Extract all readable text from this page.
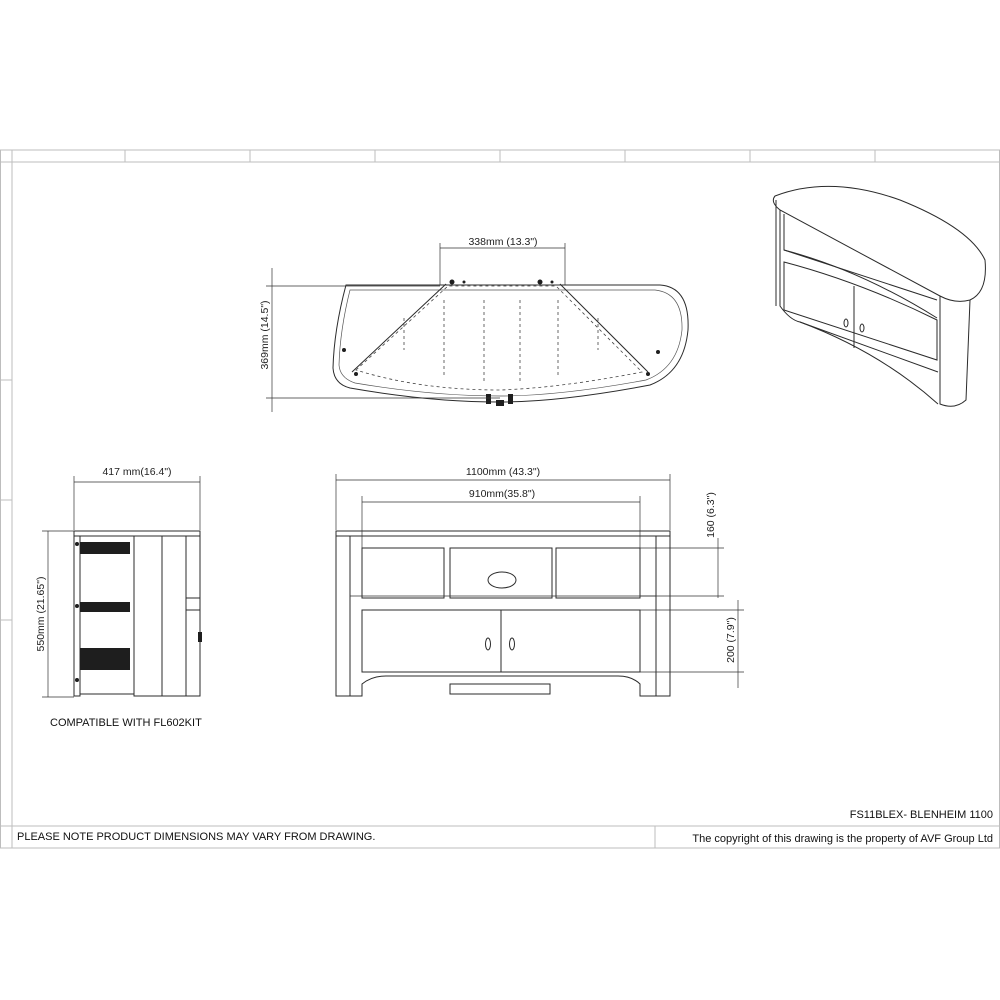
338mm (13.3")
369mm (14.5")
417 mm(16.4")
550mm (21.65")
1100mm (43.3")
910mm(35.8")	160 (6.3")
200 (7.9")
COMPATIBLE WITH FL602KIT
FS11BLEX- BLENHEIM 1100
PLEASE NOTE PRODUCT DIMENSIONS MAY VARY FROM DRAWING.	The copyright of this drawing is the property of AVF Group Ltd
